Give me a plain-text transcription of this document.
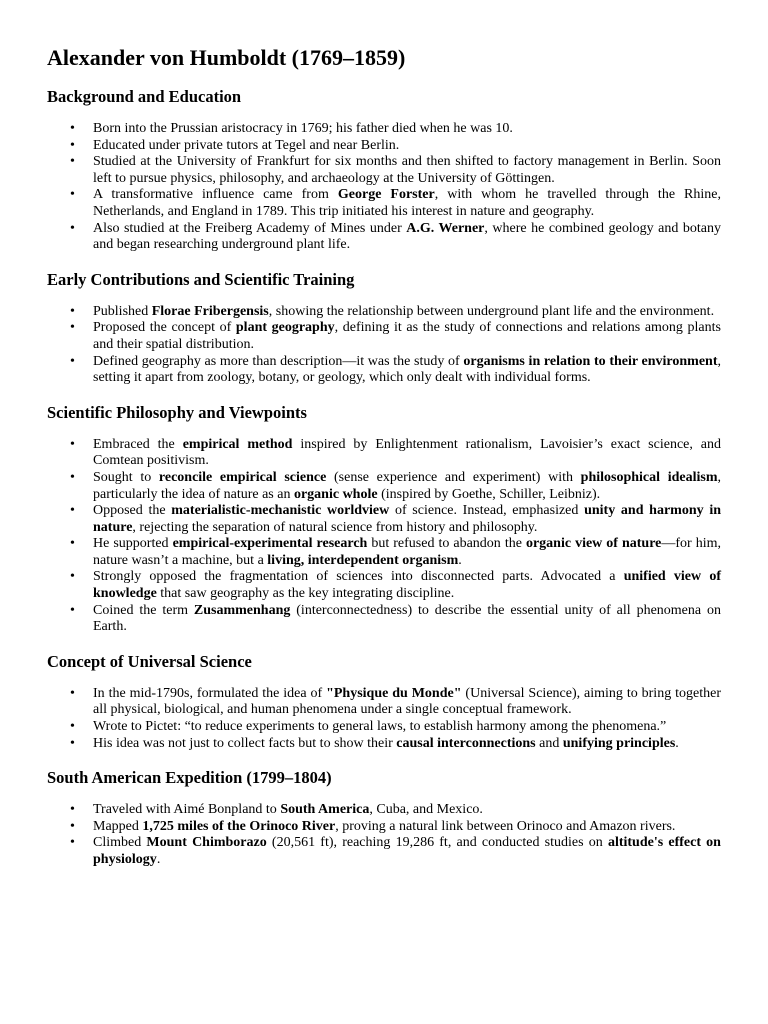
Alexander von Humboldt (1769–1859)
Background and Education
• Born into the Prussian aristocracy in 1769; his father died when he was 10.
• Educated under private tutors at Tegel and near Berlin.
• Studied at the University of Frankfurt for six months and then shifted to factory management in Berlin. Soon left to pursue physics, philosophy, and archaeology at the University of Göttingen.
• A transformative influence came from George Forster, with whom he travelled through the Rhine, Netherlands, and England in 1789. This trip initiated his interest in nature and geography.
• Also studied at the Freiberg Academy of Mines under A.G. Werner, where he combined geology and botany and began researching underground plant life.
Early Contributions and Scientific Training
• Published Florae Fribergensis, showing the relationship between underground plant life and the environment.
• Proposed the concept of plant geography, defining it as the study of connections and relations among plants and their spatial distribution.
• Defined geography as more than description—it was the study of organisms in relation to their environment, setting it apart from zoology, botany, or geology, which only dealt with individual forms.
Scientific Philosophy and Viewpoints
• Embraced the empirical method inspired by Enlightenment rationalism, Lavoisier’s exact science, and Comtean positivism.
• Sought to reconcile empirical science (sense experience and experiment) with philosophical idealism, particularly the idea of nature as an organic whole (inspired by Goethe, Schiller, Leibniz).
• Opposed the materialistic-mechanistic worldview of science. Instead, emphasized unity and harmony in nature, rejecting the separation of natural science from history and philosophy.
• He supported empirical-experimental research but refused to abandon the organic view of nature—for him, nature wasn’t a machine, but a living, interdependent organism.
• Strongly opposed the fragmentation of sciences into disconnected parts. Advocated a unified view of knowledge that saw geography as the key integrating discipline.
• Coined the term Zusammenhang (interconnectedness) to describe the essential unity of all phenomena on Earth.
Concept of Universal Science
• In the mid-1790s, formulated the idea of "Physique du Monde" (Universal Science), aiming to bring together all physical, biological, and human phenomena under a single conceptual framework.
• Wrote to Pictet: “to reduce experiments to general laws, to establish harmony among the phenomena.”
• His idea was not just to collect facts but to show their causal interconnections and unifying principles.
South American Expedition (1799–1804)
• Traveled with Aimé Bonpland to South America, Cuba, and Mexico.
• Mapped 1,725 miles of the Orinoco River, proving a natural link between Orinoco and Amazon rivers.
• Climbed Mount Chimborazo (20,561 ft), reaching 19,286 ft, and conducted studies on altitude's effect on physiology.
